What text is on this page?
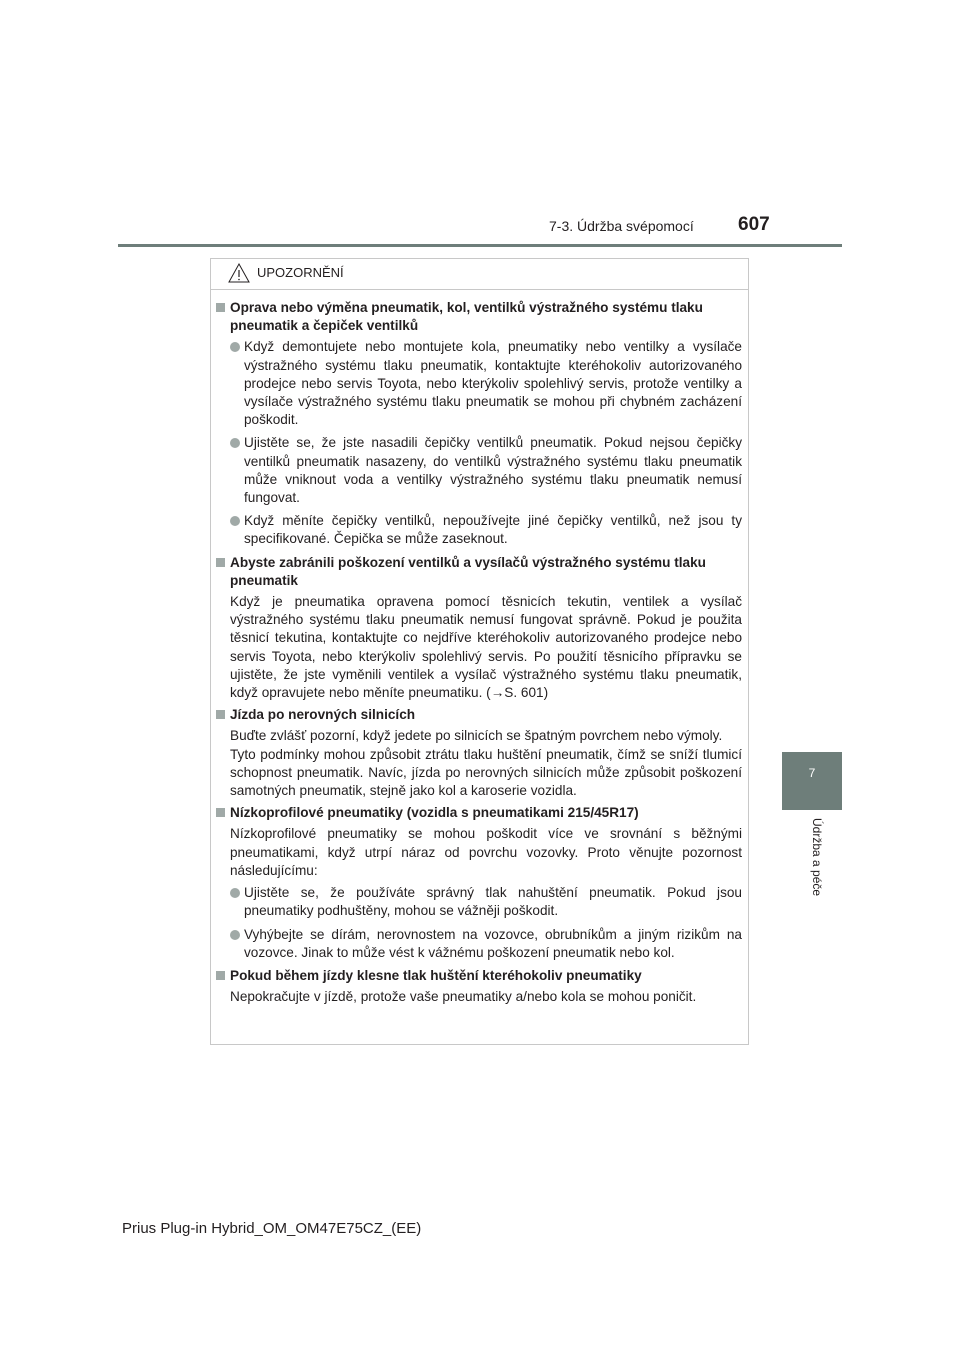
7-3. Údržba svépomocí 607
7
Údržba a péče
UPOZORNĚNÍ
Oprava nebo výměna pneumatik, kol, ventilků výstražného systému tlaku pneumatik a čepiček ventilků
Když demontujete nebo montujete kola, pneumatiky nebo ventilky a vysílače výstražného systému tlaku pneumatik, kontaktujte kteréhokoliv autorizovaného prodejce nebo servis Toyota, nebo kterýkoliv spolehlivý servis, protože ventilky a vysílače výstražného systému tlaku pneumatik se mohou při chybném zacházení poškodit.
Ujistěte se, že jste nasadili čepičky ventilků pneumatik. Pokud nejsou čepičky ventilků pneumatik nasazeny, do ventilků výstražného systému tlaku pneumatik může vniknout voda a ventilky výstražného systému tlaku pneumatik nemusí fungovat.
Když měníte čepičky ventilků, nepoužívejte jiné čepičky ventilků, než jsou ty specifikované. Čepička se může zaseknout.
Abyste zabránili poškození ventilků a vysílačů výstražného systému tlaku pneumatik
Když je pneumatika opravena pomocí těsnicích tekutin, ventilek a vysílač výstražného systému tlaku pneumatik nemusí fungovat správně. Pokud je použita těsnicí tekutina, kontaktujte co nejdříve kteréhokoliv autorizovaného prodejce nebo servis Toyota, nebo kterýkoliv spolehlivý servis. Po použití těsnicího přípravku se ujistěte, že jste vyměnili ventilek a vysílač výstražného systému tlaku pneumatik, když opravujete nebo měníte pneumatiku. (→S. 601)
Jízda po nerovných silnicích
Buďte zvlášť pozorní, když jedete po silnicích se špatným povrchem nebo výmoly.
Tyto podmínky mohou způsobit ztrátu tlaku huštění pneumatik, čímž se sníží tlumicí schopnost pneumatik. Navíc, jízda po nerovných silnicích může způsobit poškození samotných pneumatik, stejně jako kol a karoserie vozidla.
Nízkoprofilové pneumatiky (vozidla s pneumatikami 215/45R17)
Nízkoprofilové pneumatiky se mohou poškodit více ve srovnání s běžnými pneumatikami, když utrpí náraz od povrchu vozovky. Proto věnujte pozornost následujícímu:
Ujistěte se, že používáte správný tlak nahuštění pneumatik. Pokud jsou pneumatiky podhuštěny, mohou se vážněji poškodit.
Vyhýbejte se dírám, nerovnostem na vozovce, obrubníkům a jiným rizikům na vozovce. Jinak to může vést k vážnému poškození pneumatik nebo kol.
Pokud během jízdy klesne tlak huštění kteréhokoliv pneumatiky
Nepokračujte v jízdě, protože vaše pneumatiky a/nebo kola se mohou poničit.
Prius Plug-in Hybrid_OM_OM47E75CZ_(EE)
